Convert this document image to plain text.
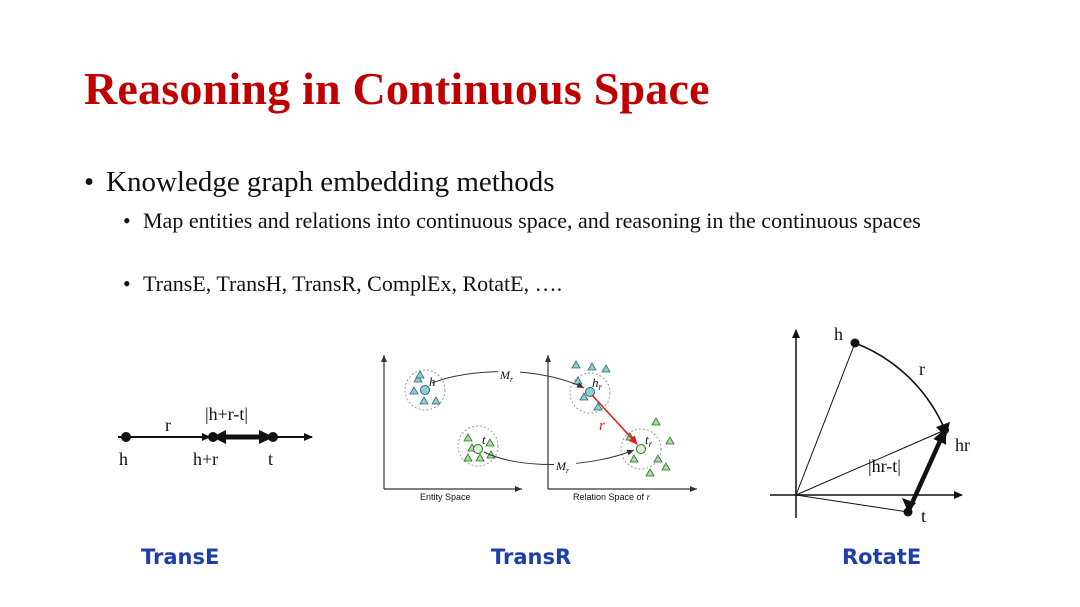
Reasoning in Continuous Space
• Knowledge graph embedding methods
• Map entities and relations into continuous space, and reasoning in the continuous spaces
• TransE, TransH, TransR, ComplEx, RotatE, ….
r
|h+r-t|
h	h+r	t
Entity Space	Relation Space of r
h
t
$h_r$
$t_r$
$M_r$
$M_r$
r
h
r
hr
|hr-t|
t
TransE	TransR	RotatE
